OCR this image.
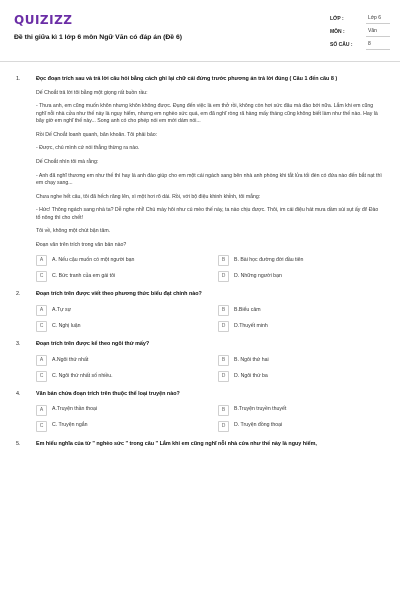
QUIZIZZ
Đề thi giữa kì 1 lớp 6 môn Ngữ Văn có đáp án (Đề 6)
LỚP :	Lớp 6
MÔN :	Văn
SỐ CÂU :	8
1.	Đọc đoạn trích sau và trả lời câu hỏi bằng cách ghi lại chữ cái đứng trước phương án trả lời đúng ( Câu 1 đến câu 8 )
Dế Choắt trả lời tôi bằng một giọng rất buồn rầu:
- Thưa anh, em cũng muốn khôn nhưng khôn không được. Đụng đến việc là em thở rồi, không còn hơi sức đâu mà đào bới nữa. Lắm khi em cũng nghĩ nỗi nhà cửa như thế này là nguy hiểm, nhưng em nghèo sức quá, em đã nghĩ ròng rã hàng mấy tháng cũng không biết làm như thế nào. Hay là bây giờ em nghĩ thế này... Song anh có cho phép nói em mới dám nói...
Rồi Dế Choắt loanh quanh, băn khoăn. Tôi phải bảo:
- Được, chú mình cứ nói thẳng thừng ra nào.
Dế Choắt nhìn tôi mà rằng:
- Anh đã nghĩ thương em như thế thì hay là anh đào giúp cho em một cái ngách sang bên nhà anh phòng khi tắt lửa tối đèn có đứa nào đến bắt nạt thì em chạy sang...
Chưa nghe hết câu, tôi đã hếch răng lên, xì một hơi rõ dài. Rồi, với bộ điệu khinh khỉnh, tôi mắng:
- Hức! Thông ngách sang nhà ta? Dễ nghe nhỉ! Chú mày hôi như cú mèo thế này, ta nào chịu được. Thôi, im cái điệu hát mưa dầm sùi sụt ấy đi! Đào tổ nông thì cho chết!
Tôi về, không một chút bận tâm.
Đoạn văn trên trích trong văn bản nào?
A	A. Nếu cậu muốn có một người bạn	B	B. Bài học đường đời đầu tiên
C	C. Bức tranh của em gái tôi	D	D. Những người bạn
2.	Đoạn trích trên được viết theo phương thức biểu đạt chính nào?
A	A.Tự sự	B	B.Biểu cảm
C	C. Nghị luận	D	D.Thuyết minh
3.	Đoạn trích trên được kể theo ngôi thứ mấy?
A	A.Ngôi thứ nhất	B	B. Ngôi thứ hai
C	C. Ngôi thứ nhất số nhiều.	D	D. Ngôi thứ ba
4.	Văn bản chứa đoạn trích trên thuộc thể loại truyện nào?
A	A.Truyện thần thoại	B	B.Truyện truyền thuyết
C	C. Truyện ngắn	D	D. Truyện đồng thoại
5.	Em hiểu nghĩa của từ " nghèo sức " trong câu " Lắm khi em cũng nghĩ nỗi nhà cửa như thế này là nguy hiểm,
